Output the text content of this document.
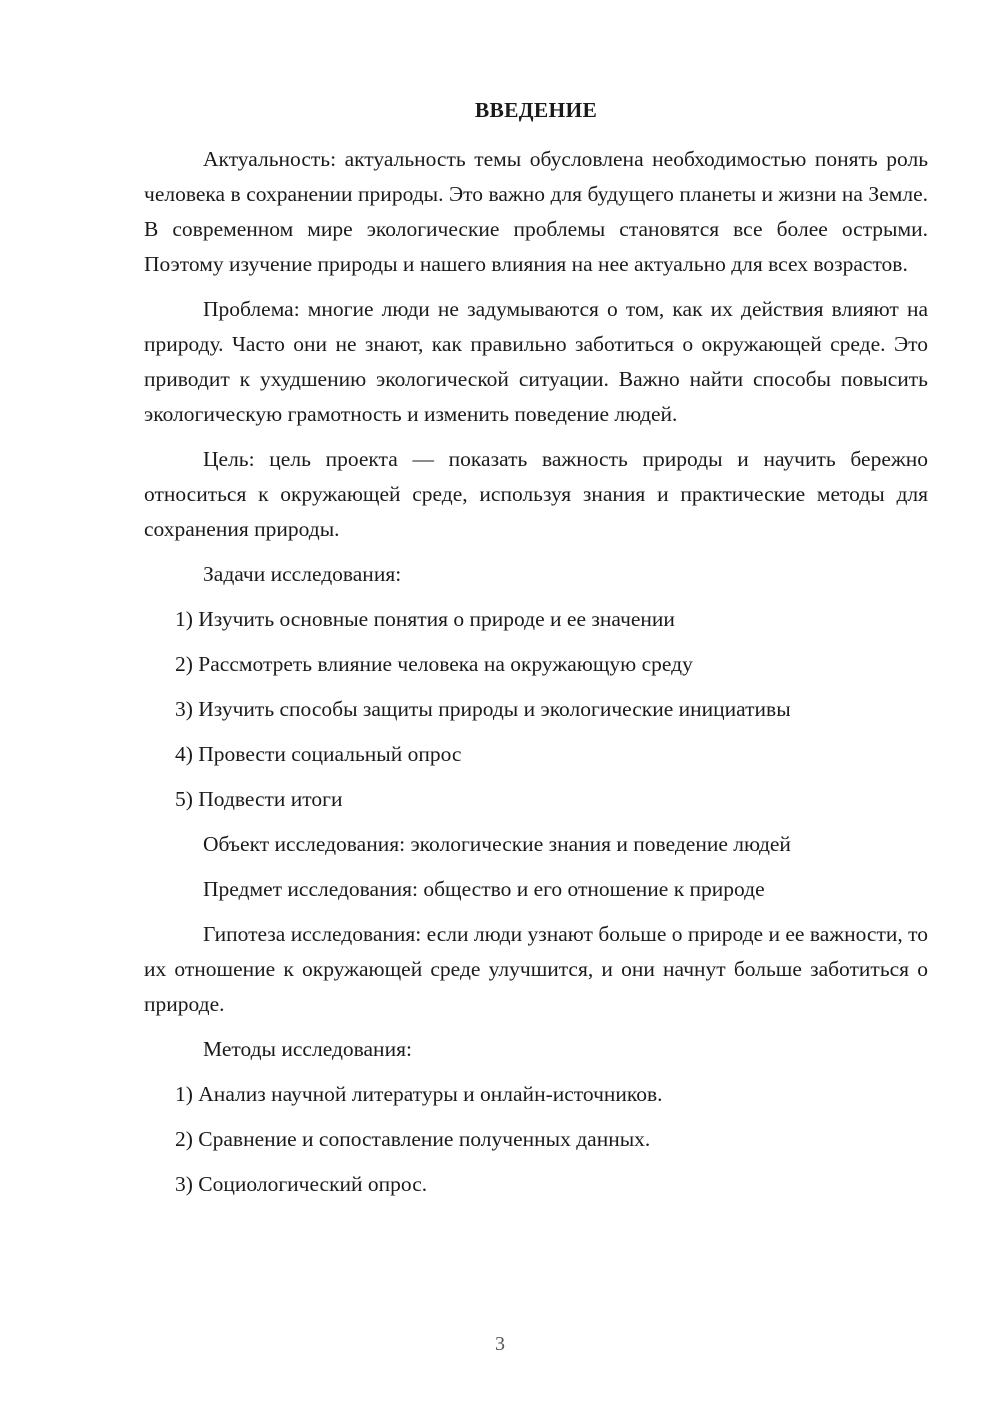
ВВЕДЕНИЕ

Актуальность: актуальность темы обусловлена необходимостью понять роль человека в сохранении природы. Это важно для будущего планеты и жизни на Земле. В современном мире экологические проблемы становятся все более острыми. Поэтому изучение природы и нашего влияния на нее актуально для всех возрастов.

Проблема: многие люди не задумываются о том, как их действия влияют на природу. Часто они не знают, как правильно заботиться о окружающей среде. Это приводит к ухудшению экологической ситуации. Важно найти способы повысить экологическую грамотность и изменить поведение людей.

Цель: цель проекта — показать важность природы и научить бережно относиться к окружающей среде, используя знания и практические методы для сохранения природы.

Задачи исследования:

1) Изучить основные понятия о природе и ее значении

2) Рассмотреть влияние человека на окружающую среду

3) Изучить способы защиты природы и экологические инициативы

4) Провести социальный опрос

5) Подвести итоги

Объект исследования: экологические знания и поведение людей

Предмет исследования: общество и его отношение к природе

Гипотеза исследования: если люди узнают больше о природе и ее важности, то их отношение к окружающей среде улучшится, и они начнут больше заботиться о природе.

Методы исследования:

1) Анализ научной литературы и онлайн-источников.

2) Сравнение и сопоставление полученных данных.

3) Социологический опрос.

3
